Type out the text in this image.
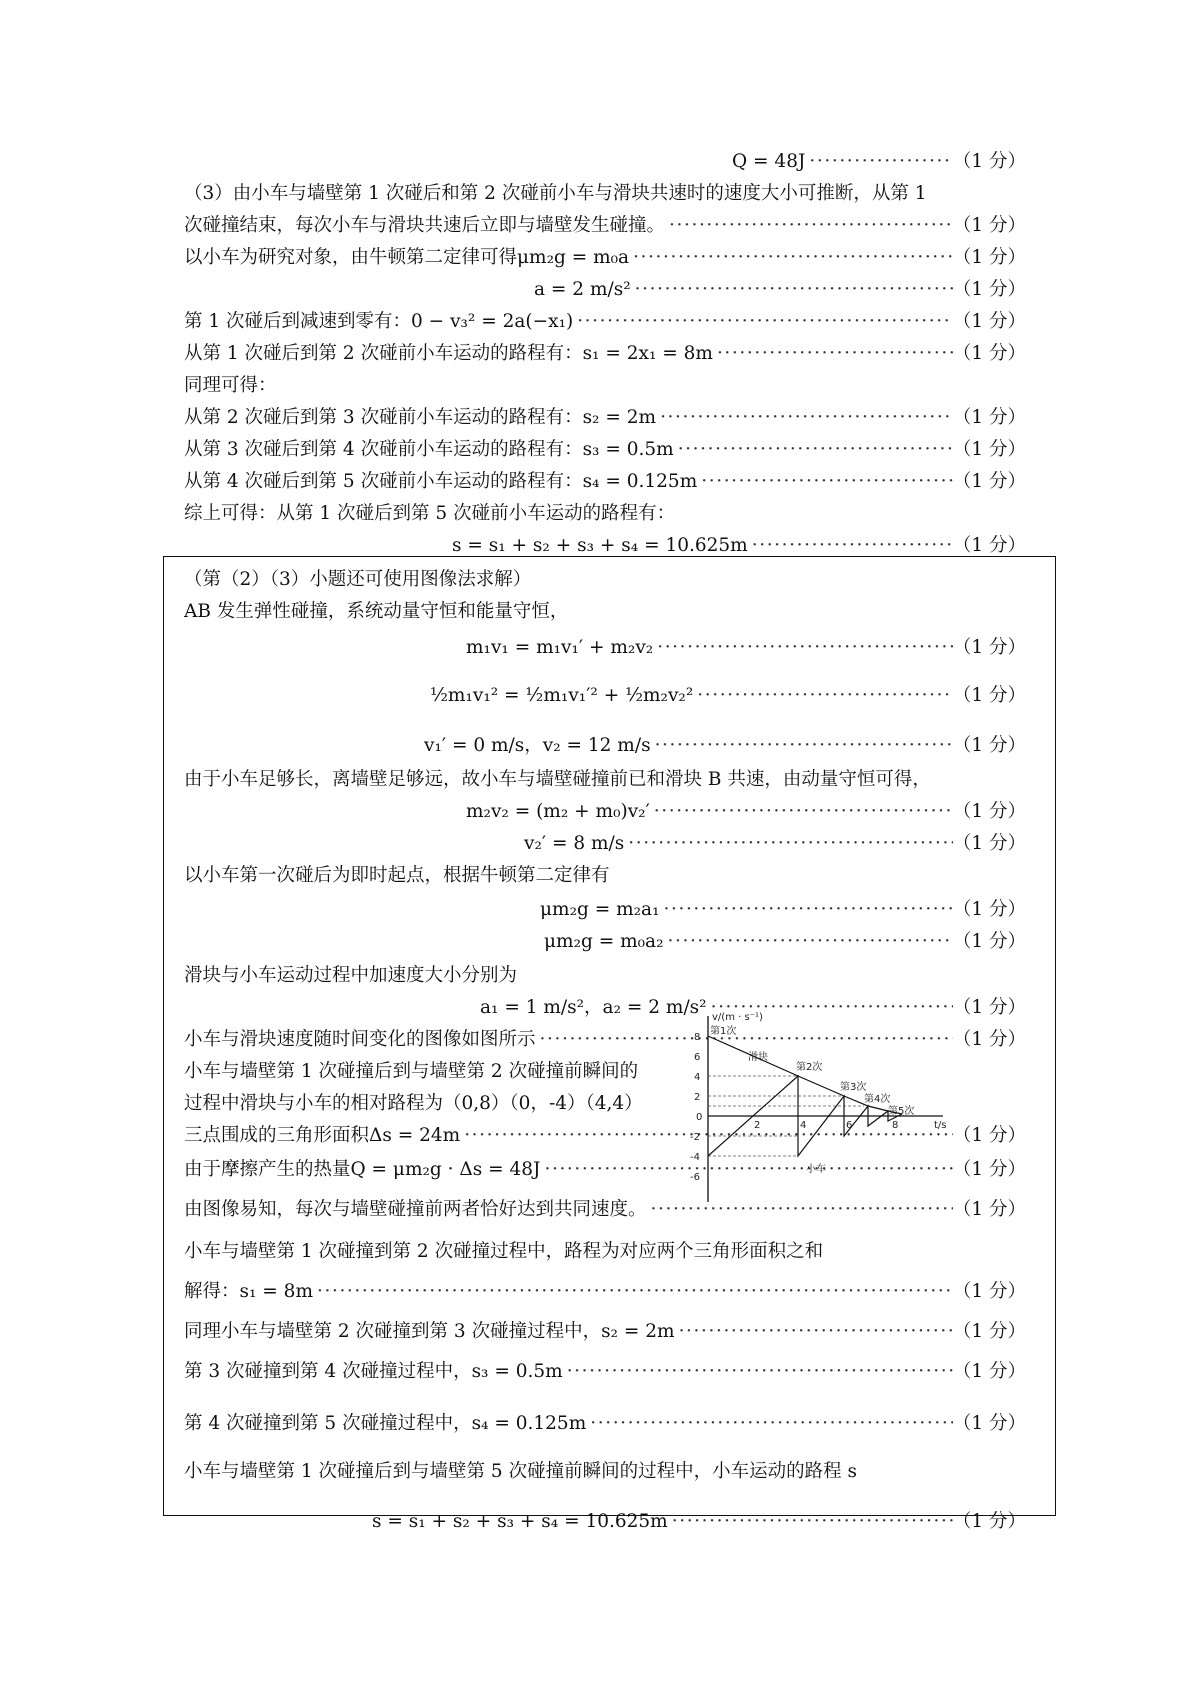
Q = 48J ·····	（1 分）
（3）由小车与墙壁第 1 次碰后和第 2 次碰前小车与滑块共速时的速度大小可推断，从第 1
次碰撞结束，每次小车与滑块共速后立即与墙壁发生碰撞。 ·····	（1 分）
以小车为研究对象，由牛顿第二定律可得μm₂g = m₀a ·····	（1 分）
a = 2 m/s² ·····	（1 分）
第 1 次碰后到减速到零有：0 − v₃² = 2a(−x₁) ·····	（1 分）
从第 1 次碰后到第 2 次碰前小车运动的路程有：s₁ = 2x₁ = 8m ·····	（1 分）
同理可得：
从第 2 次碰后到第 3 次碰前小车运动的路程有：s₂ = 2m ·····	（1 分）
从第 3 次碰后到第 4 次碰前小车运动的路程有：s₃ = 0.5m ·····	（1 分）
从第 4 次碰后到第 5 次碰前小车运动的路程有：s₄ = 0.125m ·····	（1 分）
综上可得：从第 1 次碰后到第 5 次碰前小车运动的路程有：
s = s₁ + s₂ + s₃ + s₄ = 10.625m ·····	（1 分）
（第（2）（3）小题还可使用图像法求解）
AB 发生弹性碰撞，系统动量守恒和能量守恒，
m₁v₁ = m₁v₁′ + m₂v₂ ·····	（1 分）
½m₁v₁² = ½m₁v₁′² + ½m₂v₂² ·····	（1 分）
v₁′ = 0 m/s，v₂ = 12 m/s ·····	（1 分）
由于小车足够长，离墙壁足够远，故小车与墙壁碰撞前已和滑块 B 共速，由动量守恒可得，
m₂v₂ = (m₂ + m₀)v₂′ ·····	（1 分）
v₂′ = 8 m/s ·····	（1 分）
以小车第一次碰后为即时起点，根据牛顿第二定律有
μm₂g = m₂a₁ ·····	（1 分）
μm₂g = m₀a₂ ·····	（1 分）
滑块与小车运动过程中加速度大小分别为
a₁ = 1 m/s²，a₂ = 2 m/s² ·····	（1 分）
小车与滑块速度随时间变化的图像如图所示 ·····	（1 分）
小车与墙壁第 1 次碰撞后到与墙壁第 2 次碰撞前瞬间的
过程中滑块与小车的相对路程为（0,8）（0，-4）（4,4）
三点围成的三角形面积Δs = 24m ·····	（1 分）
由于摩擦产生的热量Q = μm₂g · Δs = 48J ·····	（1 分）
由图像易知，每次与墙壁碰撞前两者恰好达到共同速度。 ·····	（1 分）
小车与墙壁第 1 次碰撞到第 2 次碰撞过程中，路程为对应两个三角形面积之和
解得：s₁ = 8m ·····	（1 分）
同理小车与墙壁第 2 次碰撞到第 3 次碰撞过程中，s₂ = 2m ·····	（1 分）
第 3 次碰撞到第 4 次碰撞过程中，s₃ = 0.5m ·····	（1 分）
第 4 次碰撞到第 5 次碰撞过程中，s₄ = 0.125m ·····	（1 分）
小车与墙壁第 1 次碰撞后到与墙壁第 5 次碰撞前瞬间的过程中，小车运动的路程 s
s = s₁ + s₂ + s₃ + s₄ = 10.625m ·····	（1 分）
v/(m · s⁻¹)
t/s
8
6
4
2
0
-2
-4
-6
2	4	6	8
第1次
滑块
第2次
第3次
第4次
第5次
小车
